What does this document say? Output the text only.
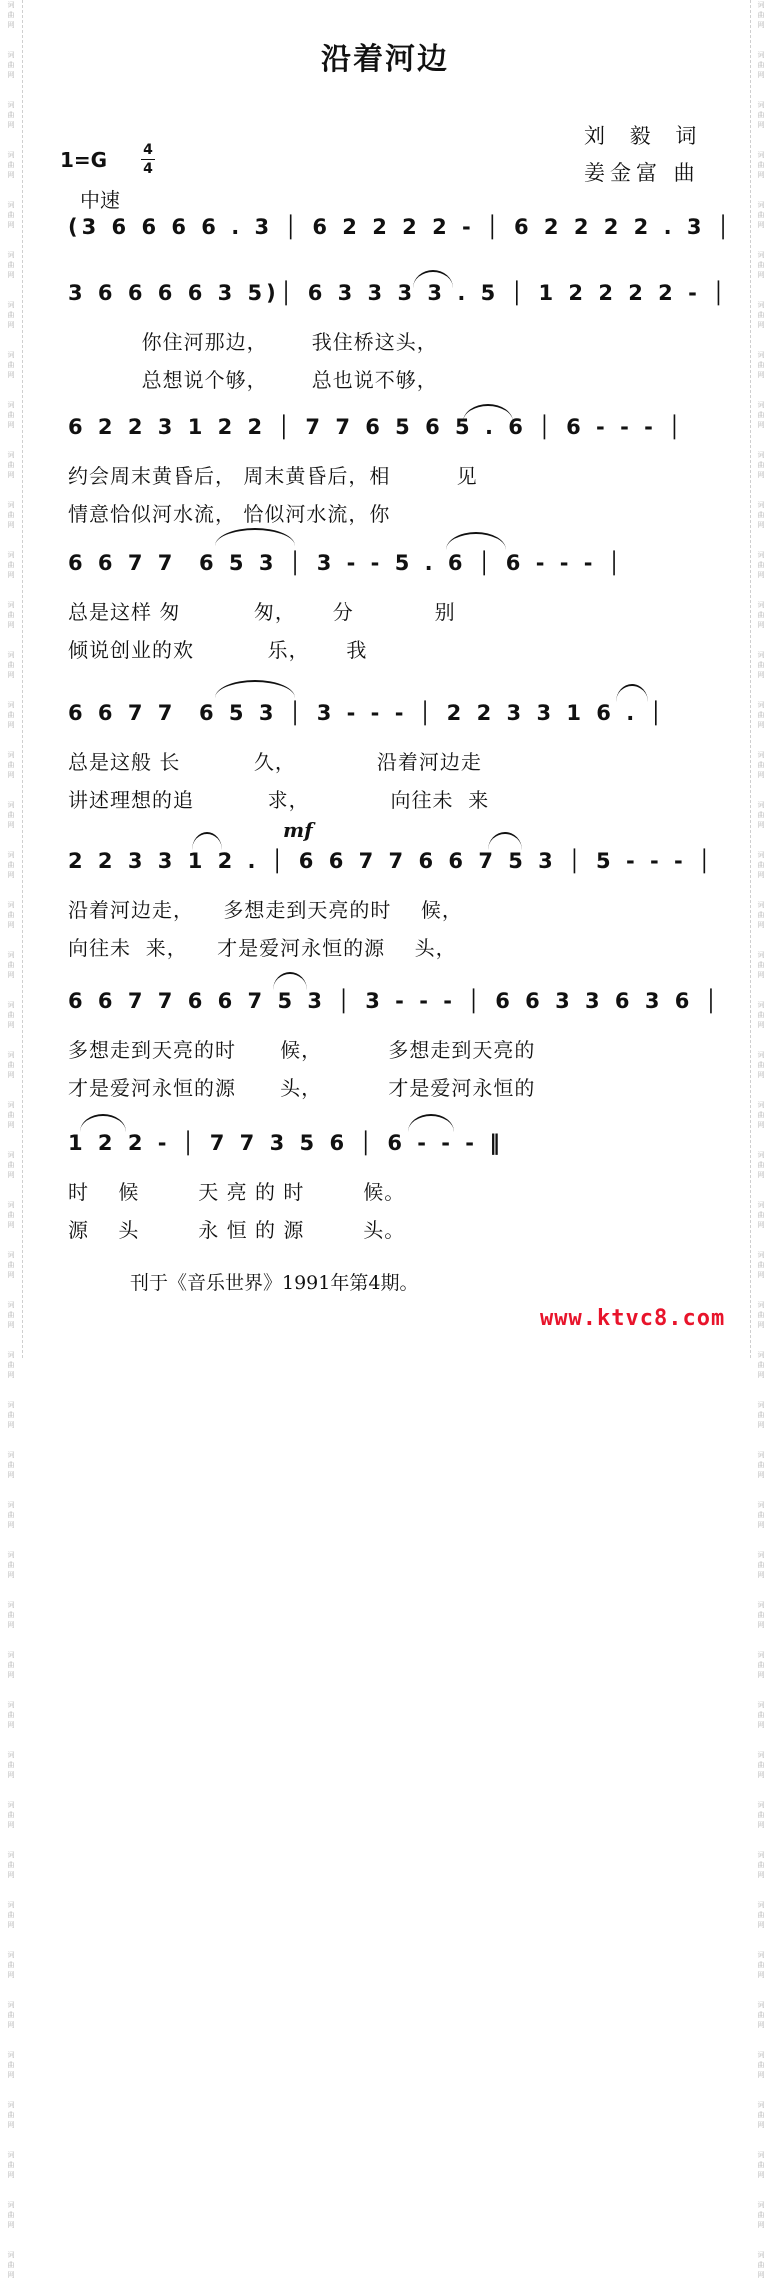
词
曲
网

词
曲
网

词
曲
网

词
曲
网

词
曲
网

词
曲
网

词
曲
网

词
曲
网

词
曲
网

词
曲
网

词
曲
网

词
曲
网

词
曲
网

词
曲
网

词
曲
网

词
曲
网

词
曲
网

词
曲
网

词
曲
网

词
曲
网

词
曲
网

词
曲
网

词
曲
网

词
曲
网

词
曲
网

词
曲
网

词
曲
网

词
曲
网

词
曲
网

词
曲
网

词
曲
网

词
曲
网

词
曲
网

词
曲
网

词
曲
网

词
曲
网

词
曲
网

词
曲
网

词
曲
网

词
曲
网

词
曲
网

词
曲
网

词
曲
网

词
曲
网

词
曲
网

词
曲
网
词
曲
网

词
曲
网

词
曲
网

词
曲
网

词
曲
网

词
曲
网

词
曲
网

词
曲
网

词
曲
网

词
曲
网

词
曲
网

词
曲
网

词
曲
网

词
曲
网

词
曲
网

词
曲
网

词
曲
网

词
曲
网

词
曲
网

词
曲
网

词
曲
网

词
曲
网

词
曲
网

词
曲
网

词
曲
网

词
曲
网

词
曲
网

词
曲
网

词
曲
网

词
曲
网

词
曲
网

词
曲
网

词
曲
网

词
曲
网

词
曲
网

词
曲
网

词
曲
网

词
曲
网

词
曲
网

词
曲
网

词
曲
网

词
曲
网

词
曲
网

词
曲
网

词
曲
网

词
曲
网
沿着河边
刘 毅 词
姜金富 曲
1=G	4
4
中速
(3 6 6 6 6 . 3 │ 6 2 2 2 2 - │ 6 2 2 2 2 . 3 │
3 6 6 6 6 3 5)│ 6 3 3 3 3 . 5 │ 1 2 2 2 2 - │
你住河那边，      我住桥这头，
总想说个够，      总也说不够，
6 2 2 3 1 2 2 │ 7 7 6 5 6 5 . 6 │ 6 - - - │
约会周末黄昏后， 周末黄昏后，相         见
情意恰似河水流， 恰似河水流，你
6 6 7 7  6 5 3 │ 3 - - 5 . 6 │ 6 - - - │
总是这样 匆          匆，     分           别
倾说创业的欢          乐，     我
6 6 7 7  6 5 3 │ 3 - - - │ 2 2 3 3 1 6 . │
总是这般 长          久，           沿着河边走
讲述理想的追          求，           向往未  来
mf
2 2 3 3 1 2 . │ 6 6 7 7 6 6 7 5 3 │ 5 - - - │
沿着河边走，    多想走到天亮的时    候，
向往未  来，    才是爱河永恒的源    头，
6 6 7 7 6 6 7 5 3 │ 3 - - - │ 6 6 3 3 6 3 6 │
多想走到天亮的时      候，         多想走到天亮的
才是爱河永恒的源      头，         才是爱河永恒的
1 2 2 - │ 7 7 3 5 6 │ 6 - - - ‖
时    候        天 亮 的 时        候。
源    头        永 恒 的 源        头。
刊于《音乐世界》1991年第4期。
www.ktvc8.com
